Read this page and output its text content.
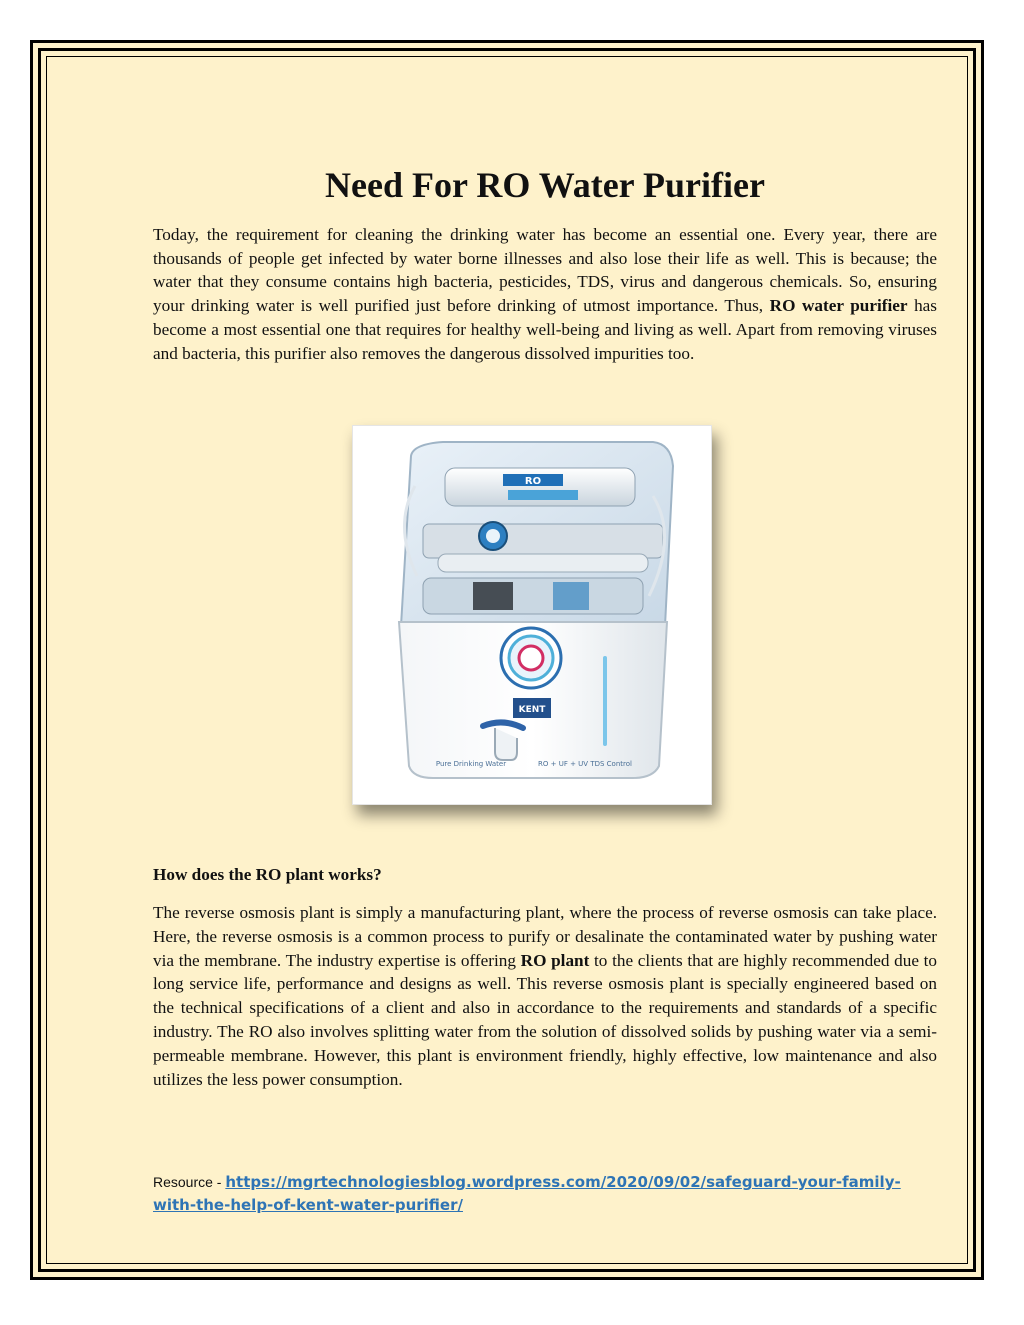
Need For RO Water Purifier

Today, the requirement for cleaning the drinking water has become an essential one. Every year, there are thousands of people get infected by water borne illnesses and also lose their life as well. This is because; the water that they consume contains high bacteria, pesticides, TDS, virus and dangerous chemicals. So, ensuring your drinking water is well purified just before drinking of utmost importance. Thus, RO water purifier has become a most essential one that requires for healthy well-being and living as well. Apart from removing viruses and bacteria, this purifier also removes the dangerous dissolved impurities too.

RO
KENT
Pure Drinking Water	RO + UF + UV TDS Control
How does the RO plant works?

The reverse osmosis plant is simply a manufacturing plant, where the process of reverse osmosis can take place. Here, the reverse osmosis is a common process to purify or desalinate the contaminated water by pushing water via the membrane. The industry expertise is offering RO plant to the clients that are highly recommended due to long service life, performance and designs as well. This reverse osmosis plant is specially engineered based on the technical specifications of a client and also in accordance to the requirements and standards of a specific industry. The RO also involves splitting water from the solution of dissolved solids by pushing water via a semi-permeable membrane. However, this plant is environment friendly, highly effective, low maintenance and also utilizes the less power consumption.

Resource - https://mgrtechnologiesblog.wordpress.com/2020/09/02/safeguard-your-family-with-the-help-of-kent-water-purifier/
